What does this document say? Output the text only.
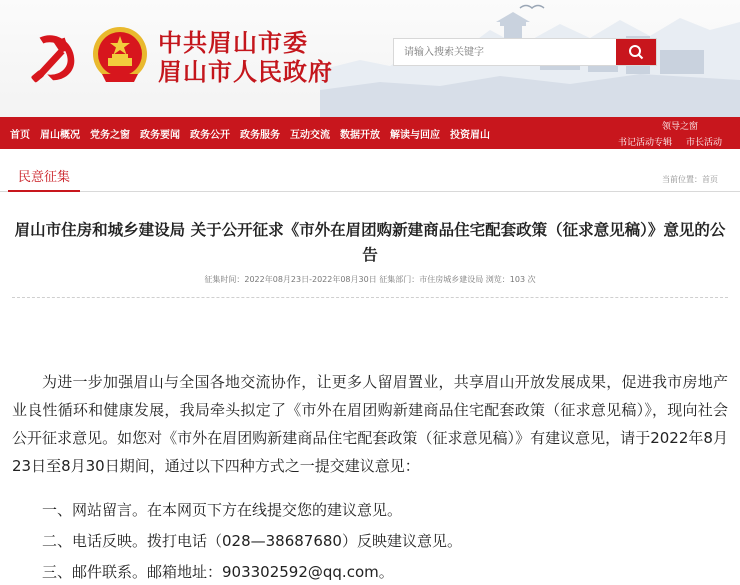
中共眉山市委
眉山市人民政府
请输入搜索关键字
首页 眉山概况 党务之窗 政务要闻 政务公开 政务服务 互动交流 数据开放 解读与回应 投资眉山
领导之窗
书记活动专辑 市长活动
民意征集	当前位置：首页
眉山市住房和城乡建设局 关于公开征求《市外在眉团购新建商品住宅配套政策（征求意见稿）》意见的公告
征集时间：2022年08月23日-2022年08月30日 征集部门：市住房城乡建设局 浏览：103 次
为进一步加强眉山与全国各地交流协作，让更多人留眉置业，共享眉山开放发展成果，促进我市房地产业良性循环和健康发展，我局牵头拟定了《市外在眉团购新建商品住宅配套政策（征求意见稿）》，现向社会公开征求意见。如您对《市外在眉团购新建商品住宅配套政策（征求意见稿）》有建议意见，请于2022年8月23日至8月30日期间，通过以下四种方式之一提交建议意见：
一、网站留言。在本网页下方在线提交您的建议意见。
二、电话反映。拨打电话（028—38687680）反映建议意见。
三、邮件联系。邮箱地址：903302592@qq.com。
